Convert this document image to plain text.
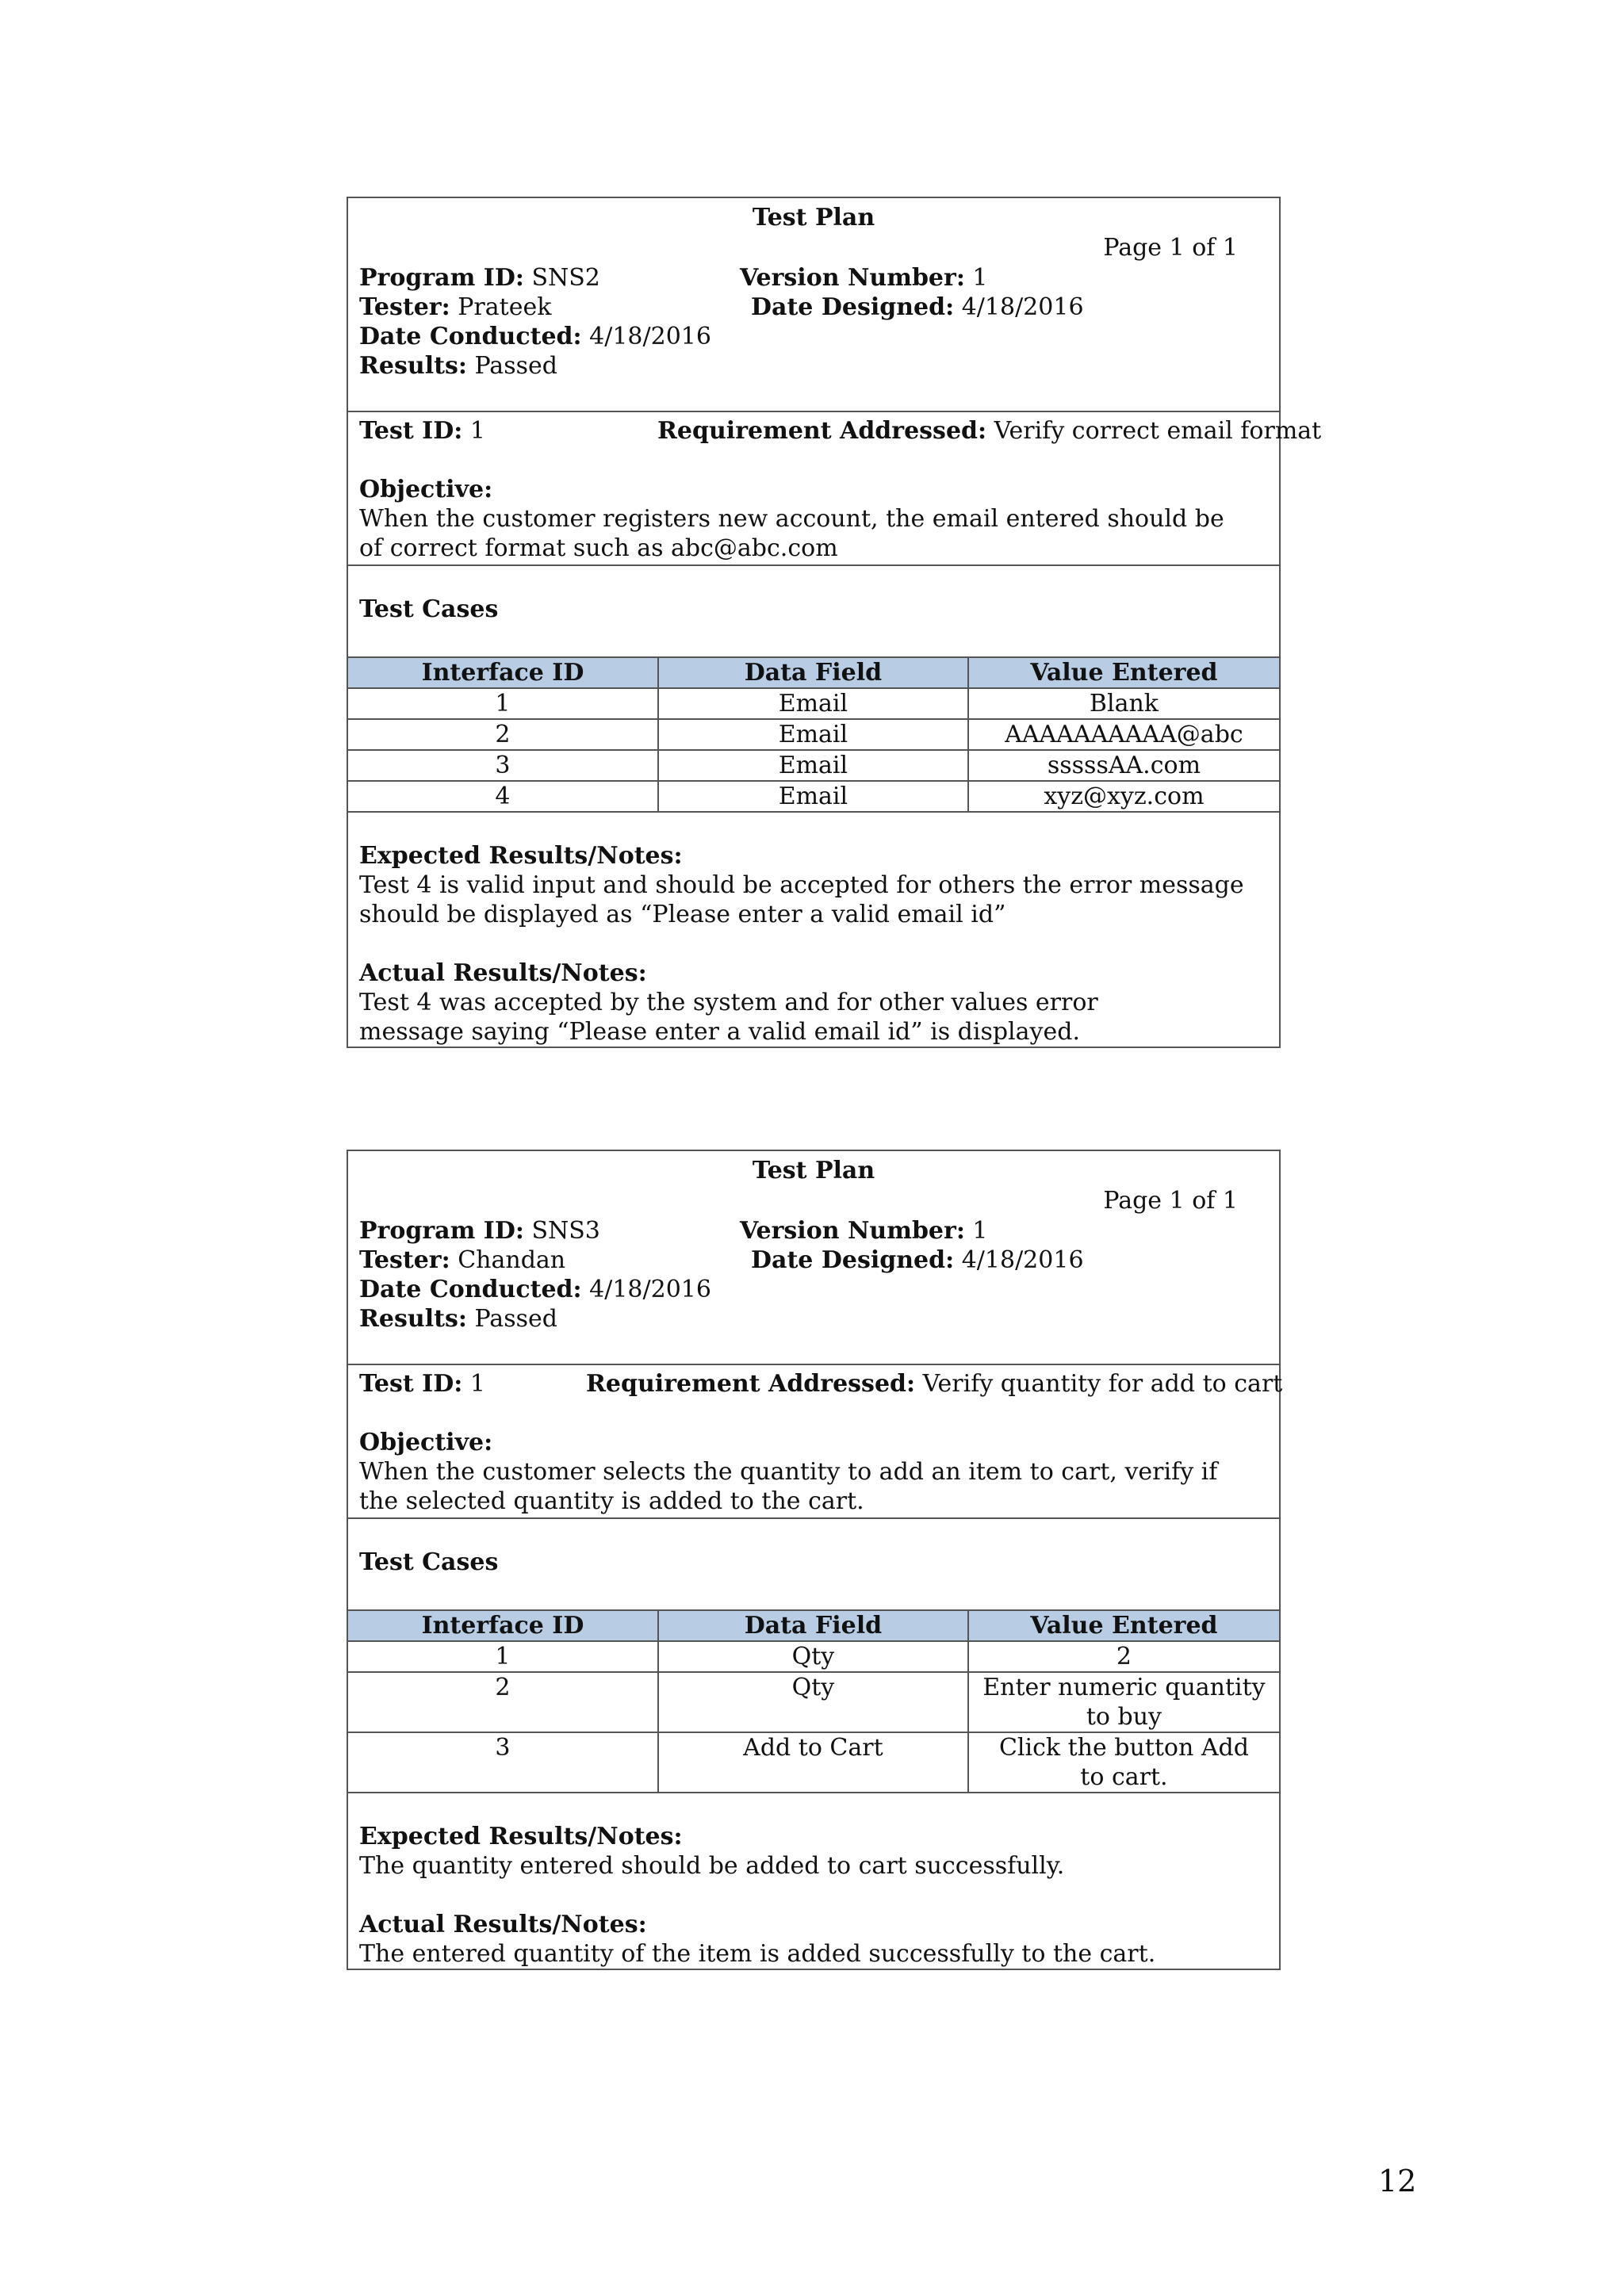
Test Plan
Page 1 of 1
Program ID: SNS2
Tester: Prateek
Date Conducted: 4/18/2016
Results: Passed
Version Number: 1
Date Designed: 4/18/2016
Test ID: 1	Requirement Addressed: Verify correct email format
Objective:
When the customer registers new account, the email entered should be of correct format such as abc@abc.com
Test Cases
Interface ID	Data Field	Value Entered
1	Email	Blank
2	Email	AAAAAAAAAA@abc
3	Email	sssssAA.com
4	Email	xyz@xyz.com
Expected Results/Notes:
Test 4 is valid input and should be accepted for others the error message should be displayed as “Please enter a valid email id”
Actual Results/Notes:
Test 4 was accepted by the system and for other values error message saying “Please enter a valid email id” is displayed.
Test Plan
Page 1 of 1
Program ID: SNS3
Tester: Chandan
Date Conducted: 4/18/2016
Results: Passed
Version Number: 1
Date Designed: 4/18/2016
Test ID: 1	Requirement Addressed: Verify quantity for add to cart
Objective:
When the customer selects the quantity to add an item to cart, verify if the selected quantity is added to the cart.
Test Cases
Interface ID	Data Field	Value Entered
1	Qty	2
2	Qty	Enter numeric quantity to buy
3	Add to Cart	Click the button Add to cart.
Expected Results/Notes:
The quantity entered should be added to cart successfully.
Actual Results/Notes:
The entered quantity of the item is added successfully to the cart.
12
